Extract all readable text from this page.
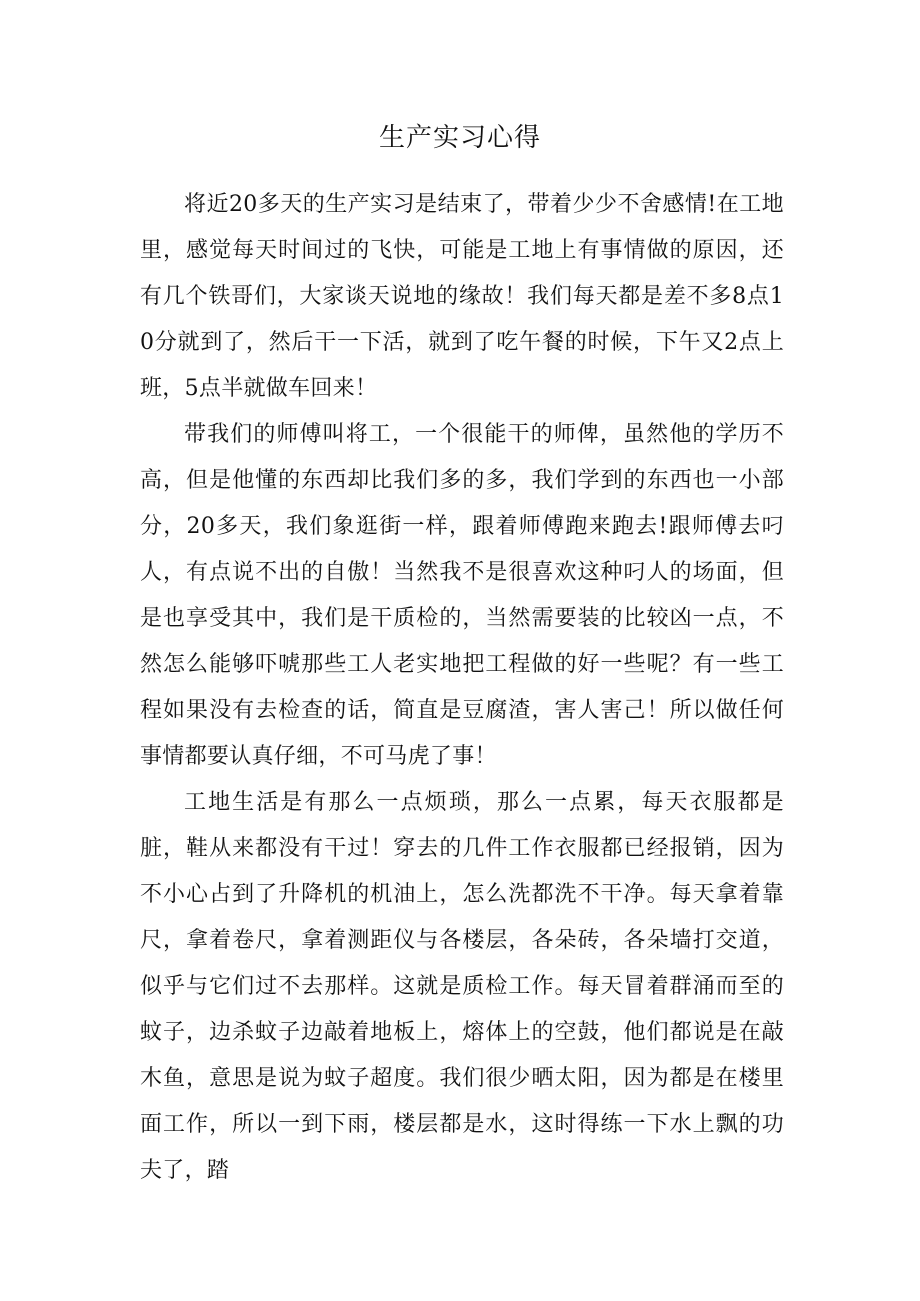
生产实习心得

将近20多天的生产实习是结束了，带着少少不舍感情!在工地里，感觉每天时间过的飞快，可能是工地上有事情做的原因，还有几个铁哥们，大家谈天说地的缘故！我们每天都是差不多8点10分就到了，然后干一下活，就到了吃午餐的时候，下午又2点上班，5点半就做车回来！

带我们的师傅叫将工，一个很能干的师俾，虽然他的学历不高，但是他懂的东西却比我们多的多，我们学到的东西也一小部分，20多天，我们象逛街一样，跟着师傅跑来跑去!跟师傅去叼人，有点说不出的自傲！当然我不是很喜欢这种叼人的场面，但是也享受其中，我们是干质检的，当然需要装的比较凶一点，不然怎么能够吓唬那些工人老实地把工程做的好一些呢？有一些工程如果没有去检查的话，简直是豆腐渣，害人害己！所以做任何事情都要认真仔细，不可马虎了事！

工地生活是有那么一点烦琐，那么一点累，每天衣服都是脏，鞋从来都没有干过！穿去的几件工作衣服都已经报销，因为不小心占到了升降机的机油上，怎么洗都洗不干净。每天拿着靠尺，拿着卷尺，拿着测距仪与各楼层，各朵砖，各朵墙打交道，似乎与它们过不去那样。这就是质检工作。每天冒着群涌而至的蚊子，边杀蚊子边敲着地板上，熔体上的空鼓，他们都说是在敲木鱼，意思是说为蚊子超度。我们很少晒太阳，因为都是在楼里面工作，所以一到下雨，楼层都是水，这时得练一下水上飘的功夫了，踏
